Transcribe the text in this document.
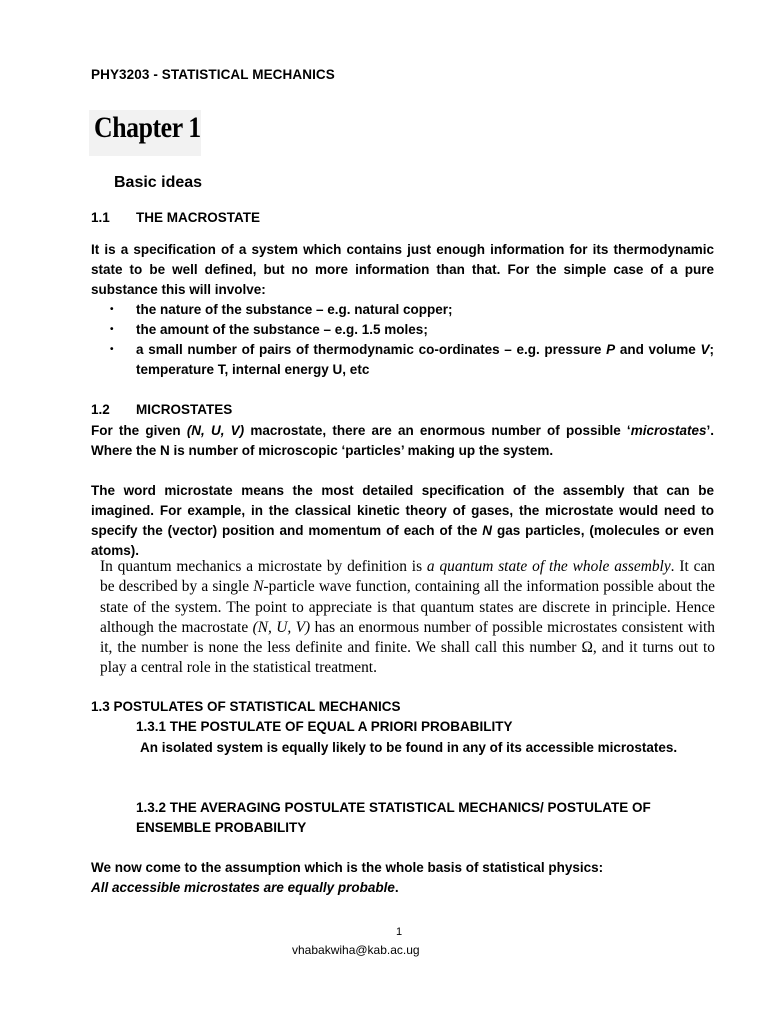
PHY3203 - STATISTICAL MECHANICS
Chapter 1
Basic ideas
1.1 THE MACROSTATE
It is a specification of a system which contains just enough information for its thermodynamic state to be well defined, but no more information than that. For the simple case of a pure substance this will involve:
• the nature of the substance – e.g. natural copper;
• the amount of the substance – e.g. 1.5 moles;
• a small number of pairs of thermodynamic co-ordinates – e.g. pressure P and volume V; temperature T, internal energy U, etc
1.2 MICROSTATES
For the given (N, U, V) macrostate, there are an enormous number of possible ‘microstates’. Where the N is number of microscopic ‘particles’ making up the system.
The word microstate means the most detailed specification of the assembly that can be imagined. For example, in the classical kinetic theory of gases, the microstate would need to specify the (vector) position and momentum of each of the N gas particles, (molecules or even atoms).
In quantum mechanics a microstate by definition is a quantum state of the whole assembly. It can be described by a single N-particle wave function, containing all the information possible about the state of the system. The point to appreciate is that quantum states are discrete in principle. Hence although the macrostate (N, U, V) has an enormous number of possible microstates consistent with it, the number is none the less definite and finite. We shall call this number Ω, and it turns out to play a central role in the statistical treatment.
1.3 POSTULATES OF STATISTICAL MECHANICS
1.3.1 THE POSTULATE OF EQUAL A PRIORI PROBABILITY
An isolated system is equally likely to be found in any of its accessible microstates.
1.3.2 THE AVERAGING POSTULATE STATISTICAL MECHANICS/ POSTULATE OF ENSEMBLE PROBABILITY
We now come to the assumption which is the whole basis of statistical physics:
All accessible microstates are equally probable.
1
vhabakwiha@kab.ac.ug
